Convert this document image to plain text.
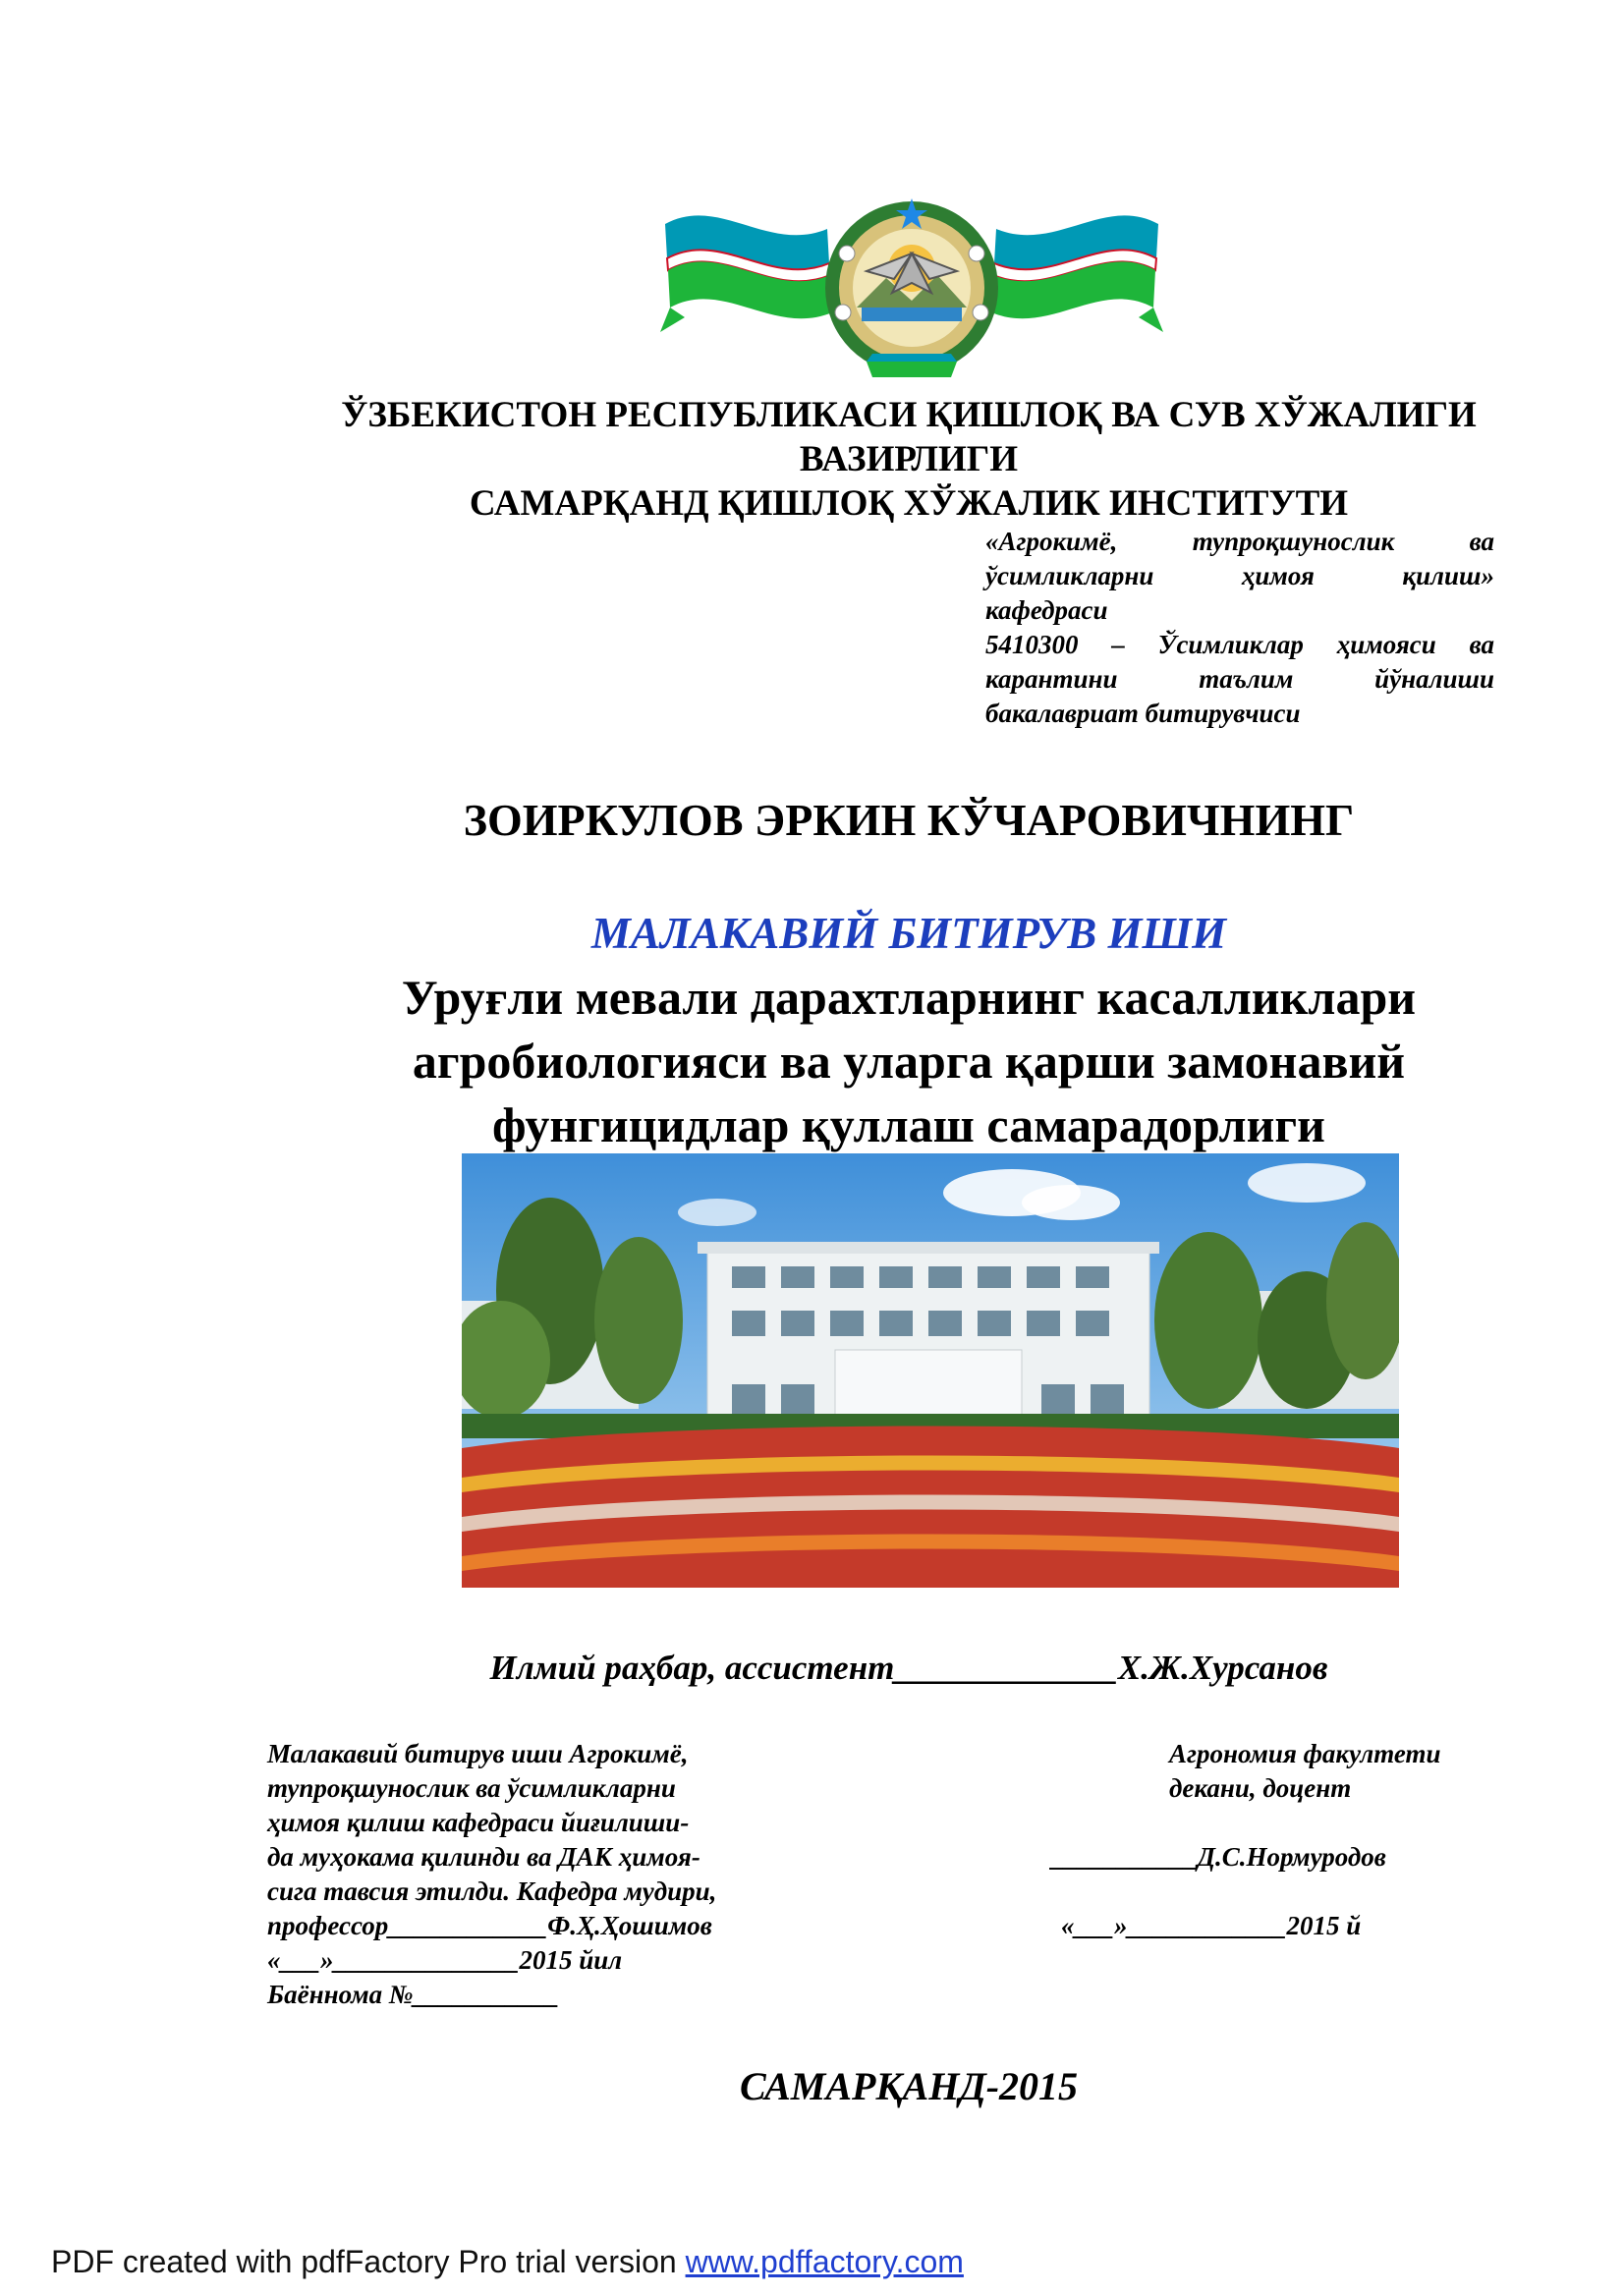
ЎЗБЕКИСТОН РЕСПУБЛИКАСИ ҚИШЛОҚ ВА СУВ ХЎЖАЛИГИ
ВАЗИРЛИГИ
САМАРҚАНД ҚИШЛОҚ ХЎЖАЛИК ИНСТИТУТИ
«Агрокимё, тупроқшунослик ва
ўсимликларни ҳимоя қилиш»
кафедраси
5410300 – Ўсимликлар ҳимояси ва
карантини таълим йўналиши
бакалавриат битирувчиси
ЗОИРКУЛОВ ЭРКИН КЎЧАРОВИЧНИНГ
МАЛАКАВИЙ БИТИРУВ ИШИ
Уруғли мевали дарахтларнинг касалликлари
агробиологияси ва уларга қарши замонавий
фунгицидлар қуллаш самарадорлиги
Илмий раҳбар, ассистент_____________Х.Ж.Хурсанов
Малакавий битирув иши Агрокимё,
тупроқшунослик ва ўсимликларни
ҳимоя қилиш кафедраси йиғилиши-
да муҳокама қилинди ва ДАК ҳимоя-
сига тавсия этилди. Кафедра мудири,
профессор____________Ф.Ҳ.Ҳошимов
«___»______________2015 йил
Баённома №___________
Агрономия факултети
декани, доцент
___________Д.С.Нормуродов
«___»____________2015 й
САМАРҚАНД-2015
PDF created with pdfFactory Pro trial version www.pdffactory.com
